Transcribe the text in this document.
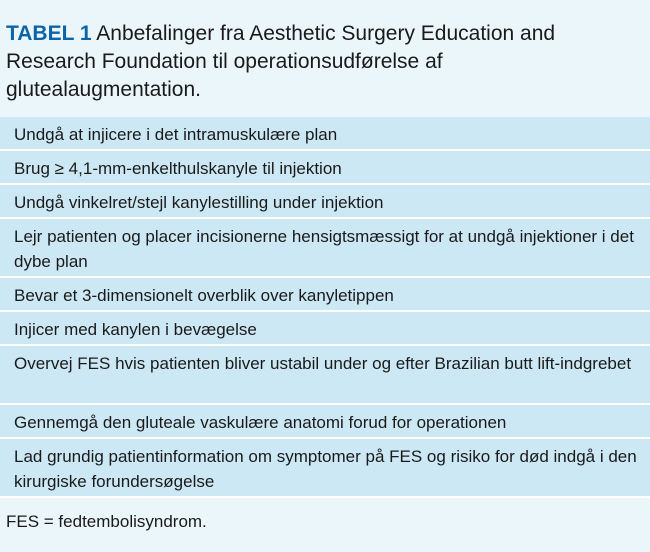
TABEL 1 Anbefalinger fra Aesthetic Surgery Education and Research Foundation til operationsudførelse af glutealaugmentation.
Undgå at injicere i det intramuskulære plan
Brug ≥ 4,1-mm-enkelthulskanyle til injektion
Undgå vinkelret/stejl kanylestilling under injektion
Lejr patienten og placer incisionerne hensigtsmæssigt for at undgå injektioner i det dybe plan
Bevar et 3-dimensionelt overblik over kanyletippen
Injicer med kanylen i bevægelse
Overvej FES hvis patienten bliver ustabil under og efter Brazilian butt lift-indgrebet
Gennemgå den gluteale vaskulære anatomi forud for operationen
Lad grundig patientinformation om symptomer på FES og risiko for død indgå i den kirurgiske forundersøgelse
FES = fedtembolisyndrom.
